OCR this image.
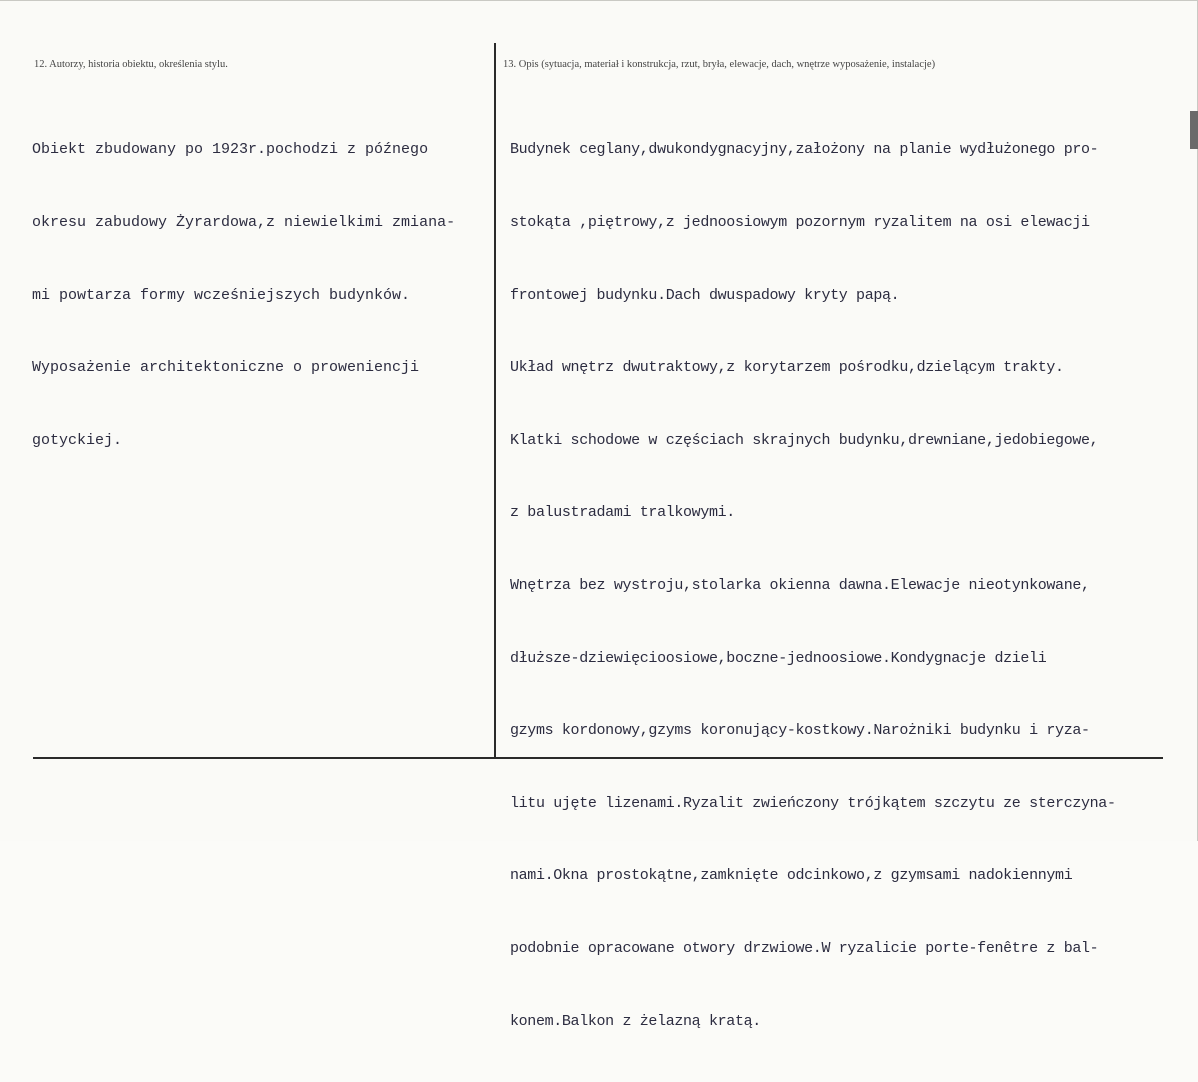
12. Autorzy, historia obiektu, określenia stylu.	13. Opis (sytuacja, materiał i konstrukcja, rzut, bryła, elewacje, dach, wnętrze wyposażenie, instalacje)

Obiekt zbudowany po 1923r.pochodzi z późnego

okresu zabudowy Żyrardowa,z niewielkimi zmiana-

mi powtarza formy wcześniejszych budynków.

Wyposażenie architektoniczne o prowenienсji

gotyckiej.

Budynek ceglany,dwukondygnacyjny,założony na planie wydłużonego pro-

stokąta ,piętrowy,z jednoosiowym pozornym ryzalitem na osi elewacji

frontowej budynku.Dach dwuspadowy kryty papą.

Układ wnętrz dwutraktowy,z korytarzem pośrodku,dzielącym trakty.

Klatki schodowe w częściach skrajnych budynku,drewniane,jedobiegowe,

z balustradami tralkowymi.

Wnętrza bez wystroju,stolarka okienna dawna.Elewacje nieotynkowane,

dłuższe-dziewięcioosiowe,boczne-jednoosiowe.Kondygnacje dzieli

gzyms kordonowy,gzyms koronujący-kostkowy.Narożniki budynku i ryza-

litu ujęte lizenami.Ryzalit zwieńczony trójkątem szczytu ze sterczyna-

nami.Okna prostokątne,zamknięte odcinkowo,z gzymsami nadokiennymi

podobnie opracowane otwory drzwiowe.W ryzalicie porte-fenêtre z bal-

konem.Balkon z żelazną kratą.
